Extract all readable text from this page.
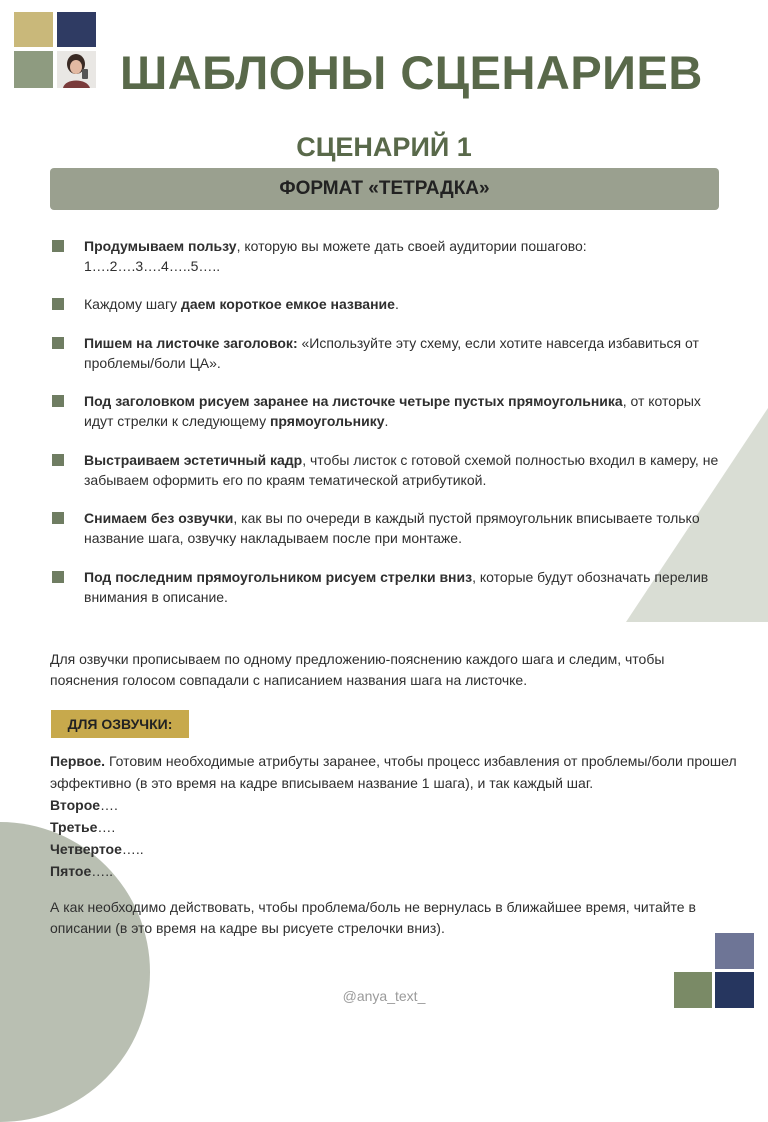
ШАБЛОНЫ СЦЕНАРИЕВ
СЦЕНАРИЙ 1
ФОРМАТ «ТЕТРАДКА»
Продумываем пользу, которую вы можете дать своей аудитории пошагово: 1….2….3….4…..5…..
Каждому шагу даем короткое емкое название.
Пишем на листочке заголовок: «Используйте эту схему, если хотите навсегда избавиться от проблемы/боли ЦА».
Под заголовком рисуем заранее на листочке четыре пустых прямоугольника, от которых идут стрелки к следующему прямоугольнику.
Выстраиваем эстетичный кадр, чтобы листок с готовой схемой полностью входил в камеру, не забываем оформить его по краям тематической атрибутикой.
Снимаем без озвучки, как вы по очереди в каждый пустой прямоугольник вписываете только название шага, озвучку накладываем после при монтаже.
Под последним прямоугольником рисуем стрелки вниз, которые будут обозначать перелив внимания в описание.
Для озвучки прописываем по одному предложению-пояснению каждого шага и следим, чтобы пояснения голосом совпадали с написанием названия шага на листочке.
ДЛЯ ОЗВУЧКИ:

Первое. Готовим необходимые атрибуты заранее, чтобы процесс избавления от проблемы/боли прошел эффективно (в это время на кадре вписываем название 1 шага), и так каждый шаг.

Второе….

Третье….

Четвертое…..

Пятое…..

А как необходимо действовать, чтобы проблема/боль не вернулась в ближайшее время, читайте в описании (в это время на кадре вы рисуете стрелочки вниз).
@anya_text_
